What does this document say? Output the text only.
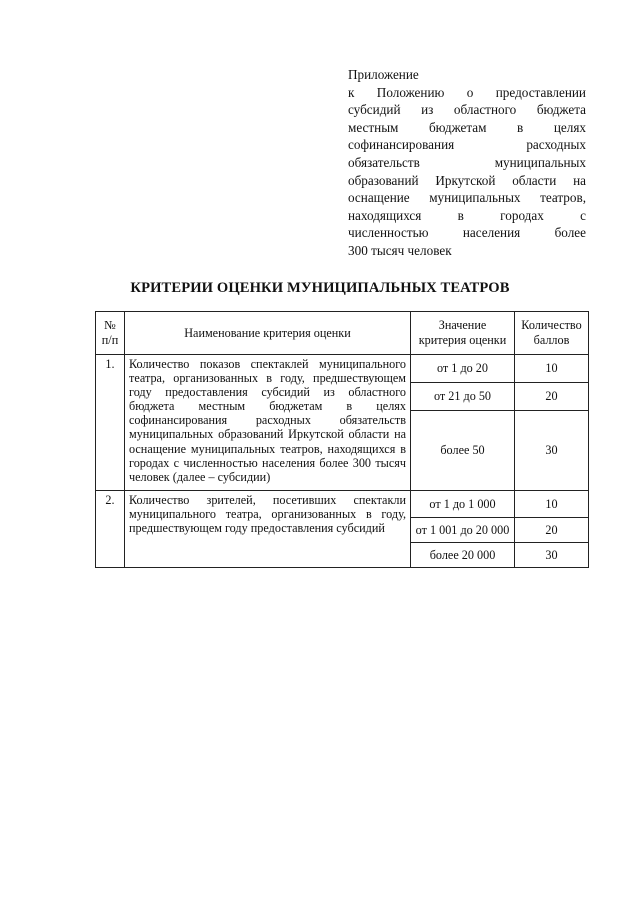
Приложение
к Положению о предоставлении
субсидий из областного бюджета
местным бюджетам в целях
софинансирования расходных
обязательств муниципальных
образований Иркутской области на
оснащение муниципальных театров,
находящихся в городах с
численностью населения более
300 тысяч человек
КРИТЕРИИ ОЦЕНКИ МУНИЦИПАЛЬНЫХ ТЕАТРОВ
№ п/п	Наименование критерия оценки	Значение критерия оценки	Количество баллов
1.	Количество показов спектаклей муниципального театра, организованных в году, предшествующем году предоставления субсидий из областного бюджета местным бюджетам в целях софинансирования расходных обязательств муниципальных образований Иркутской области на оснащение муниципальных театров, находящихся в городах с численностью населения более 300 тысяч человек (далее – субсидии)	от 1 до 20	10
		от 21 до 50	20
		более 50	30
2.	Количество зрителей, посетивших спектакли муниципального театра, организованных в году, предшествующем году предоставления субсидий	от 1 до 1 000	10
		от 1 001 до 20 000	20
		более 20 000	30
